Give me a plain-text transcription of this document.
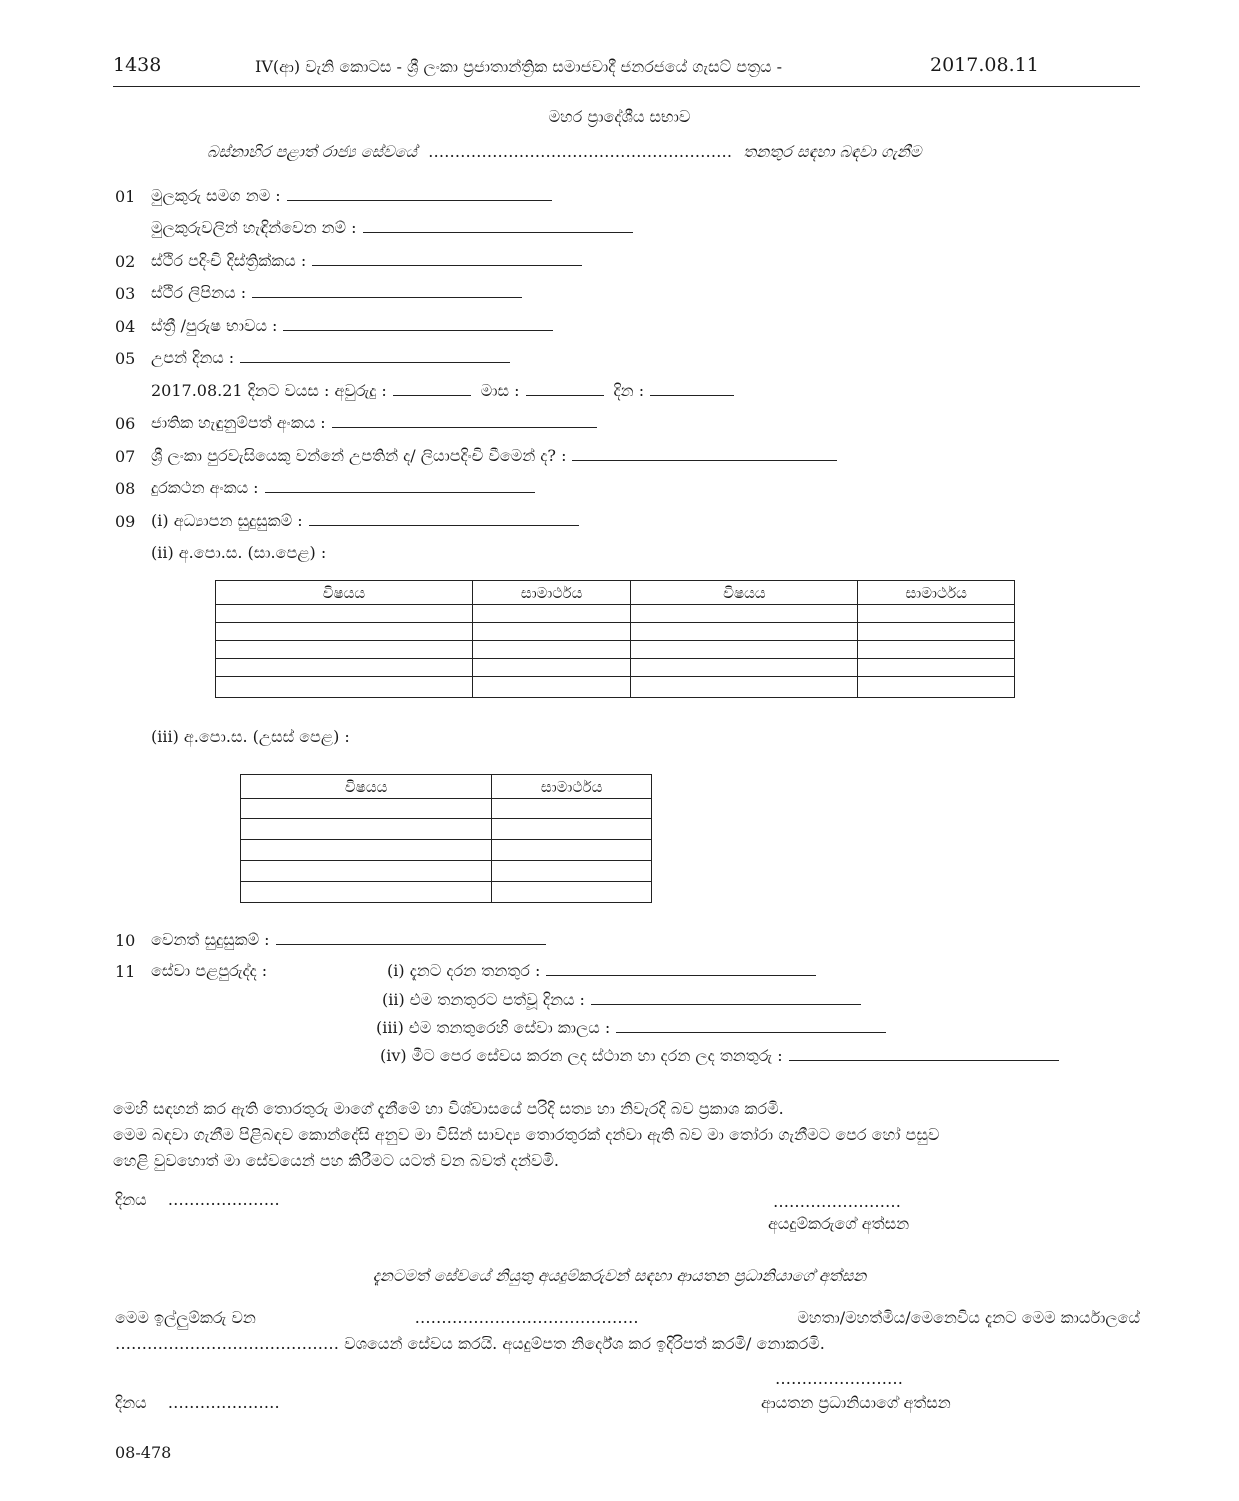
1438	IV(ආ) වැනි කොටස - ශ්‍රී ලංකා ප්‍රජාතාන්ත්‍රික සමාජවාදී ජනරජයේ ගැසට් පත්‍රය -	2017.08.11
මහර ප්‍රාදේශීය සභාව
බස්නාහිර පළාත් රාජ්‍ය සේවයේ ………………………………………………… තනතුර සඳහා බඳවා ගැනීම
01 මුලකුරු සමග නම :
මුලකුරුවලින් හැඳින්වෙන නම් :
02 ස්ථිර පදිංචි දිස්ත්‍රික්කය :
03 ස්ථිර ලිපිනය :
04 ස්ත්‍රී /පුරුෂ භාවය :
05 උපන් දිනය :
2017.08.21 දිනට වයස : අවුරුදු :	මාස :	දින :
06 ජාතික හැඳුනුම්පත් අංකය :
07 ශ්‍රී ලංකා පුරවැසියෙකු වන්නේ උපතින් ද/ ලියාපදිංචි වීමෙන් ද? :
08 දුරකථන අංකය :
09 (i) අධ්‍යාපන සුදුසුකම් :
(ii) අ.පො.ස. (සා.පෙළ) :
විෂයය	සාමාර්ථය	විෂයය	සාමාර්ථය

(iii) අ.පො.ස. (උසස් පෙළ) :
විෂයය	සාමාර්ථය

10 වෙනත් සුදුසුකම් :
11 සේවා පළපුරුද්ද :	(i) දැනට දරන තනතුර :
(ii) එම තනතුරට පත්වූ දිනය :
(iii) එම තනතුරෙහි සේවා කාලය :
(iv) මීට පෙර සේවය කරන ලද ස්ථාන හා දරන ලද තනතුරු :
මෙහි සඳහන් කර ඇති තොරතුරු මාගේ දැනීමේ හා විශ්වාසයේ පරිදි සත්‍ය හා නිවැරදි බව ප්‍රකාශ කරමි.
මෙම බඳවා ගැනීම පිළිබඳව කොන්දේසි අනුව මා විසින් සාවද්‍ය තොරතුරක් දන්වා ඇති බව මා තෝරා ගැනීමට පෙර හෝ පසුව
හෙළි වුවහොත් මා සේවයෙන් පහ කිරීමට යටත් වන බවත් දන්වමි.
දිනය …………………	……………………
අයදුම්කරුගේ අත්සන
දැනටමත් සේවයේ නියුතු අයදුම්කරුවන් සඳහා ආයතන ප්‍රධානියාගේ අත්සන
මෙම ඉල්ලුම්කරු වන	……………………………………	මහතා/මහත්මිය/මෙනෙවිය දැනට මෙම කාර්යාලයේ
…………………………………… වශයෙන් සේවය කරයි. අයදුම්පත නිර්දේශ කර ඉදිරිපත් කරමි/ නොකරමි.
……………………
දිනය …………………	ආයතන ප්‍රධානියාගේ අත්සන
08-478
